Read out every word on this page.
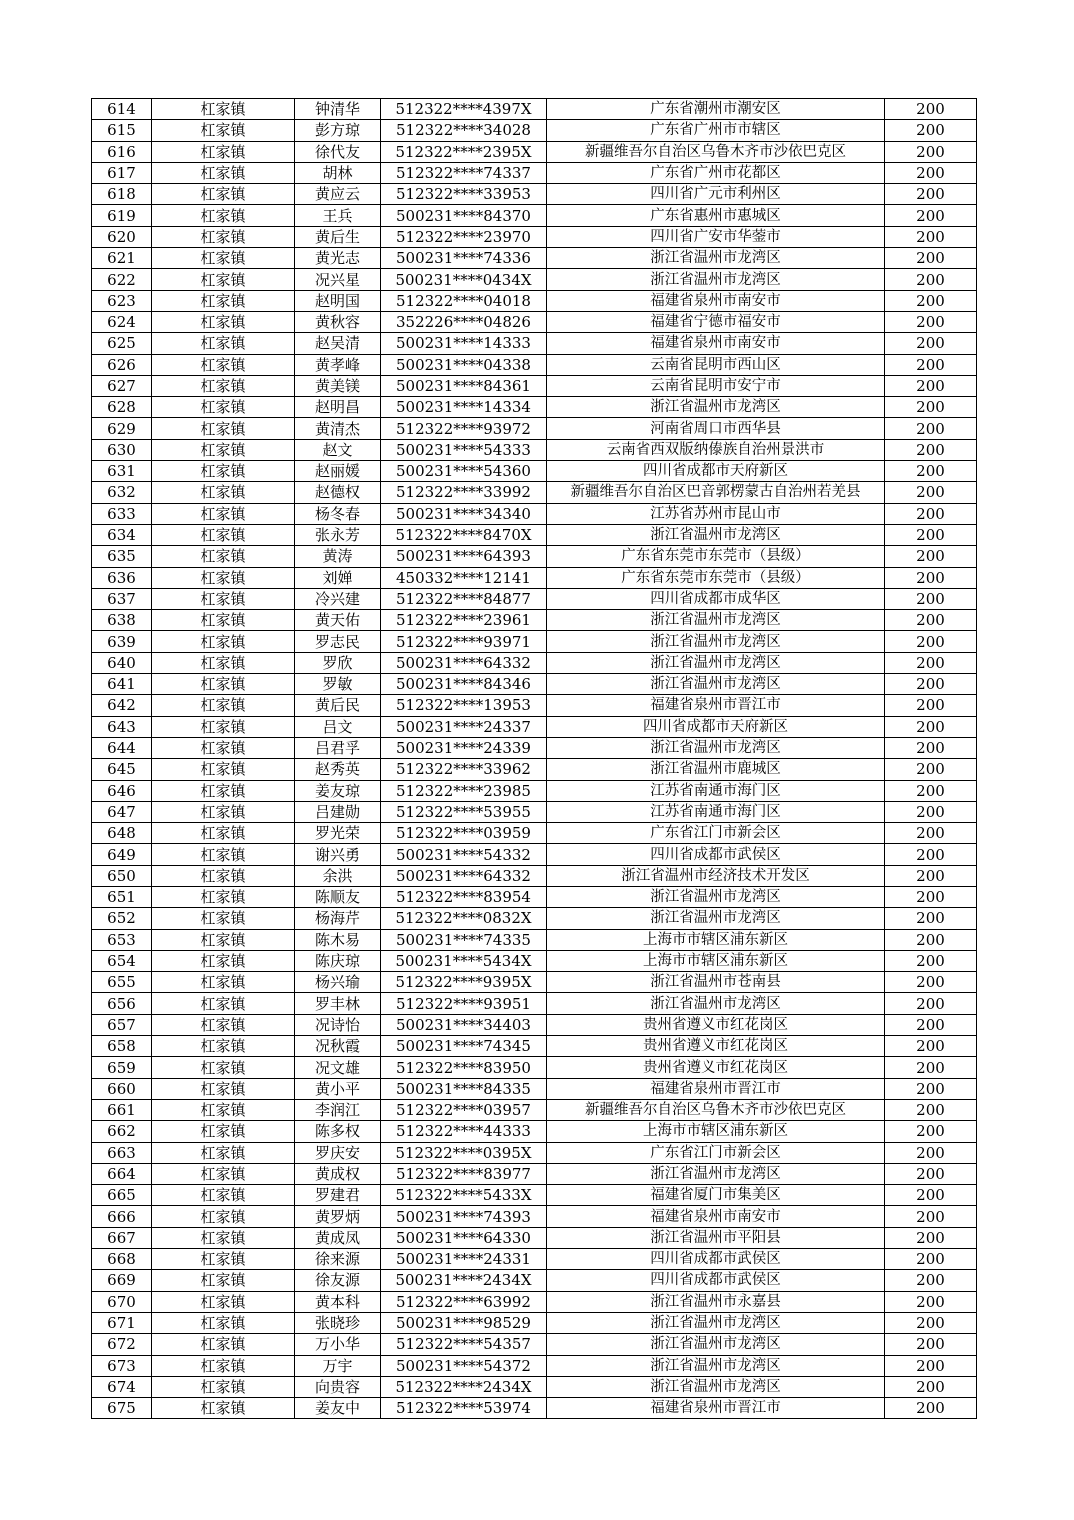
614	杠家镇	钟清华	512322****4397X	广东省潮州市潮安区	200
615	杠家镇	彭方琼	512322****34028	广东省广州市市辖区	200
616	杠家镇	徐代友	512322****2395X	新疆维吾尔自治区乌鲁木齐市沙依巴克区	200
617	杠家镇	胡林	512322****74337	广东省广州市花都区	200
618	杠家镇	黄应云	512322****33953	四川省广元市利州区	200
619	杠家镇	王兵	500231****84370	广东省惠州市惠城区	200
620	杠家镇	黄后生	512322****23970	四川省广安市华蓥市	200
621	杠家镇	黄光志	500231****74336	浙江省温州市龙湾区	200
622	杠家镇	况兴星	500231****0434X	浙江省温州市龙湾区	200
623	杠家镇	赵明国	512322****04018	福建省泉州市南安市	200
624	杠家镇	黄秋容	352226****04826	福建省宁德市福安市	200
625	杠家镇	赵吴清	500231****14333	福建省泉州市南安市	200
626	杠家镇	黄孝峰	500231****04338	云南省昆明市西山区	200
627	杠家镇	黄美镁	500231****84361	云南省昆明市安宁市	200
628	杠家镇	赵明昌	500231****14334	浙江省温州市龙湾区	200
629	杠家镇	黄清杰	512322****93972	河南省周口市西华县	200
630	杠家镇	赵文	500231****54333	云南省西双版纳傣族自治州景洪市	200
631	杠家镇	赵丽媛	500231****54360	四川省成都市天府新区	200
632	杠家镇	赵德权	512322****33992	新疆维吾尔自治区巴音郭楞蒙古自治州若羌县	200
633	杠家镇	杨冬春	500231****34340	江苏省苏州市昆山市	200
634	杠家镇	张永芳	512322****8470X	浙江省温州市龙湾区	200
635	杠家镇	黄涛	500231****64393	广东省东莞市东莞市（县级）	200
636	杠家镇	刘婵	450332****12141	广东省东莞市东莞市（县级）	200
637	杠家镇	冷兴建	512322****84877	四川省成都市成华区	200
638	杠家镇	黄天佑	512322****23961	浙江省温州市龙湾区	200
639	杠家镇	罗志民	512322****93971	浙江省温州市龙湾区	200
640	杠家镇	罗欣	500231****64332	浙江省温州市龙湾区	200
641	杠家镇	罗敏	500231****84346	浙江省温州市龙湾区	200
642	杠家镇	黄后民	512322****13953	福建省泉州市晋江市	200
643	杠家镇	吕文	500231****24337	四川省成都市天府新区	200
644	杠家镇	吕君孚	500231****24339	浙江省温州市龙湾区	200
645	杠家镇	赵秀英	512322****33962	浙江省温州市鹿城区	200
646	杠家镇	姜友琼	512322****23985	江苏省南通市海门区	200
647	杠家镇	吕建勋	512322****53955	江苏省南通市海门区	200
648	杠家镇	罗光荣	512322****03959	广东省江门市新会区	200
649	杠家镇	谢兴勇	500231****54332	四川省成都市武侯区	200
650	杠家镇	余洪	500231****64332	浙江省温州市经济技术开发区	200
651	杠家镇	陈顺友	512322****83954	浙江省温州市龙湾区	200
652	杠家镇	杨海芹	512322****0832X	浙江省温州市龙湾区	200
653	杠家镇	陈木易	500231****74335	上海市市辖区浦东新区	200
654	杠家镇	陈庆琼	500231****5434X	上海市市辖区浦东新区	200
655	杠家镇	杨兴瑜	512322****9395X	浙江省温州市苍南县	200
656	杠家镇	罗丰林	512322****93951	浙江省温州市龙湾区	200
657	杠家镇	况诗怡	500231****34403	贵州省遵义市红花岗区	200
658	杠家镇	况秋霞	500231****74345	贵州省遵义市红花岗区	200
659	杠家镇	况文雄	512322****83950	贵州省遵义市红花岗区	200
660	杠家镇	黄小平	500231****84335	福建省泉州市晋江市	200
661	杠家镇	李润江	512322****03957	新疆维吾尔自治区乌鲁木齐市沙依巴克区	200
662	杠家镇	陈多权	512322****44333	上海市市辖区浦东新区	200
663	杠家镇	罗庆安	512322****0395X	广东省江门市新会区	200
664	杠家镇	黄成权	512322****83977	浙江省温州市龙湾区	200
665	杠家镇	罗建君	512322****5433X	福建省厦门市集美区	200
666	杠家镇	黄罗炳	500231****74393	福建省泉州市南安市	200
667	杠家镇	黄成凤	500231****64330	浙江省温州市平阳县	200
668	杠家镇	徐来源	500231****24331	四川省成都市武侯区	200
669	杠家镇	徐友源	500231****2434X	四川省成都市武侯区	200
670	杠家镇	黄本科	512322****63992	浙江省温州市永嘉县	200
671	杠家镇	张晓珍	500231****98529	浙江省温州市龙湾区	200
672	杠家镇	万小华	512322****54357	浙江省温州市龙湾区	200
673	杠家镇	万宇	500231****54372	浙江省温州市龙湾区	200
674	杠家镇	向贵容	512322****2434X	浙江省温州市龙湾区	200
675	杠家镇	姜友中	512322****53974	福建省泉州市晋江市	200
